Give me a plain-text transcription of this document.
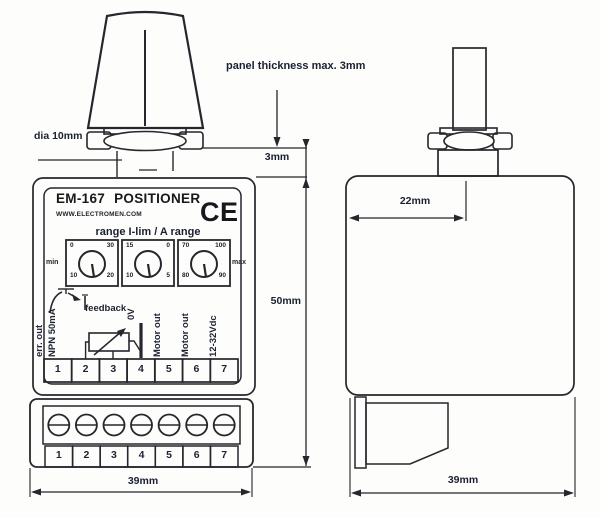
panel thickness max. 3mm
dia 10mm
3mm
50mm
22mm
39mm	39mm
EM-167 POSITIONER
WWW.ELECTROMEN.COM CE
range I-lim / A range
min	max
0	30
10	20
15	0
10	5
70	100
80	90
err. out NPN 50mA	feedback 0V Motor out Motor out 12-32Vdc
1	2	3	4	5	6	7
1	2	3	4	5	6	7
